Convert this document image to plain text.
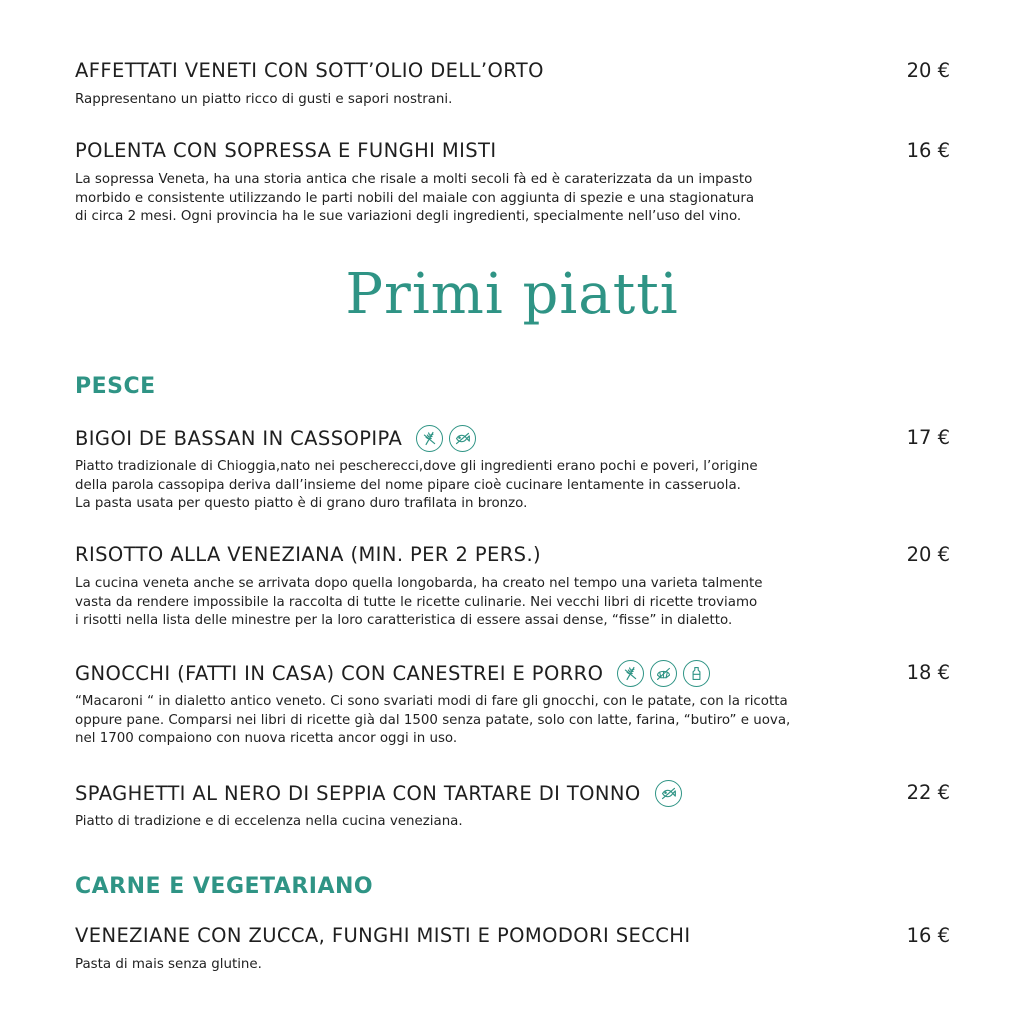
AFFETTATI VENETI CON SOTT’OLIO DELL’ORTO	20 €

Rappresentano un piatto ricco di gusti e sapori nostrani.

POLENTA CON SOPRESSA E FUNGHI MISTI	16 €

La sopressa Veneta, ha una storia antica che risale a molti secoli fà ed è caraterizzata da un impasto
morbido e consistente utilizzando le parti nobili del maiale con aggiunta di spezie e una stagionatura
di circa 2 mesi. Ogni provincia ha le sue variazioni degli ingredienti, specialmente nell’uso del vino.

Primi piatti
PESCE
BIGOI DE BASSAN IN CASSOPIPA	17 €

Piatto tradizionale di Chioggia,nato nei pescherecci,dove gli ingredienti erano pochi e poveri, l’origine
della parola cassopipa deriva dall’insieme del nome pipare cioè cucinare lentamente in casseruola.
La pasta usata per questo piatto è di grano duro trafilata in bronzo.

RISOTTO ALLA VENEZIANA (MIN. PER 2 PERS.)	20 €

La cucina veneta anche se arrivata dopo quella longobarda, ha creato nel tempo una varieta talmente
vasta da rendere impossibile la raccolta di tutte le ricette culinarie. Nei vecchi libri di ricette troviamo
i risotti nella lista delle minestre per la loro caratteristica di essere assai dense, “fisse” in dialetto.

GNOCCHI (FATTI IN CASA) CON CANESTREI E PORRO	18 €

“Macaroni “ in dialetto antico veneto. Ci sono svariati modi di fare gli gnocchi, con le patate, con la ricotta
oppure pane. Comparsi nei libri di ricette già dal 1500 senza patate, solo con latte, farina, “butiro” e uova,
nel 1700 compaiono con nuova ricetta ancor oggi in uso.

SPAGHETTI AL NERO DI SEPPIA CON TARTARE DI TONNO	22 €

Piatto di tradizione e di eccelenza nella cucina veneziana.

CARNE E VEGETARIANO
VENEZIANE CON ZUCCA, FUNGHI MISTI E POMODORI SECCHI	16 €

Pasta di mais senza glutine.
